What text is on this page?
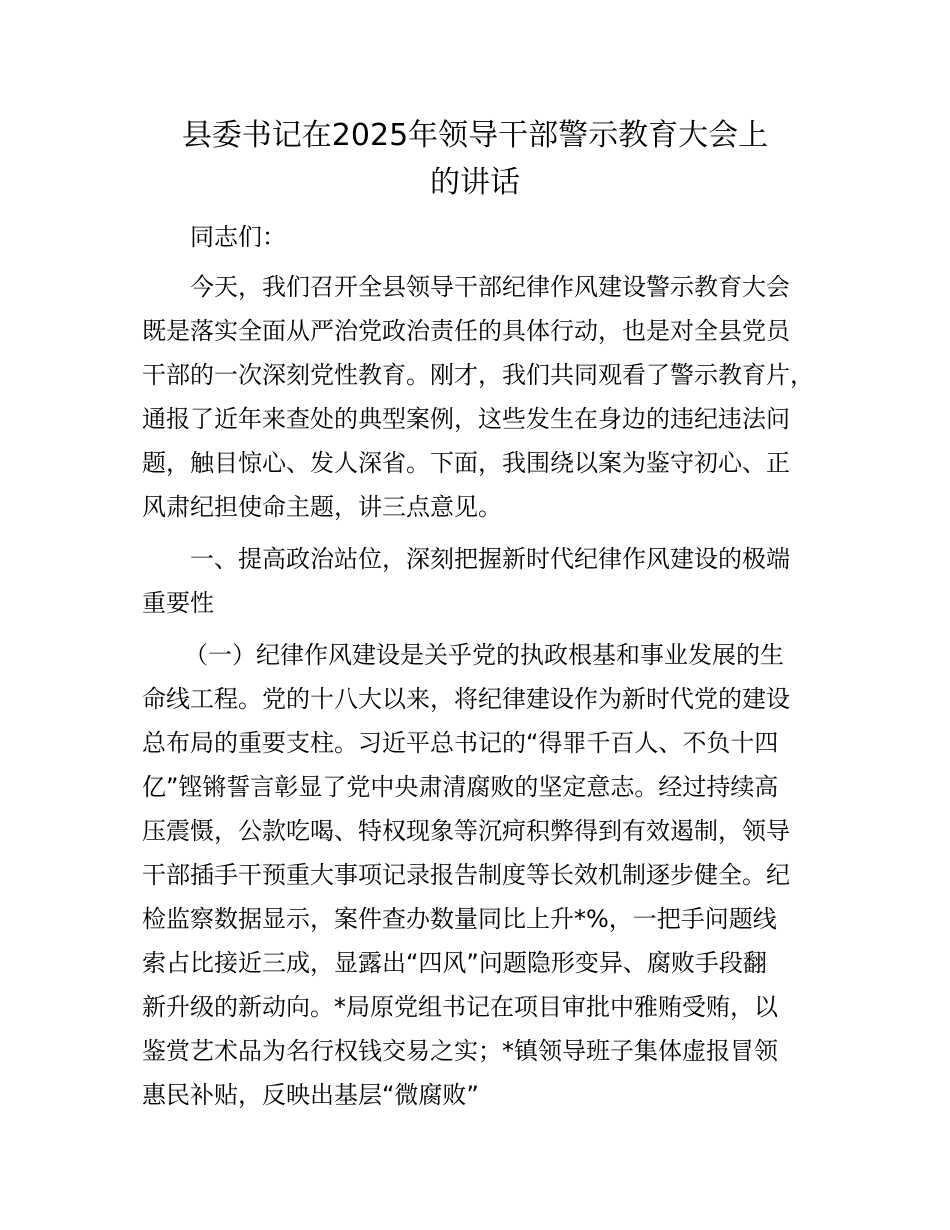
县委书记在2025年领导干部警示教育大会上
的讲话

同志们：

今天，我们召开全县领导干部纪律作风建设警示教育大会

既是落实全面从严治党政治责任的具体行动，也是对全县党员

干部的一次深刻党性教育。刚才，我们共同观看了警示教育片，

通报了近年来查处的典型案例，这些发生在身边的违纪违法问

题，触目惊心、发人深省。下面，我围绕以案为鉴守初心、正

风肃纪担使命主题，讲三点意见。

一、提高政治站位，深刻把握新时代纪律作风建设的极端

重要性

（一）纪律作风建设是关乎党的执政根基和事业发展的生

命线工程。党的十八大以来，将纪律建设作为新时代党的建设

总布局的重要支柱。习近平总书记的“得罪千百人、不负十四

亿”铿锵誓言彰显了党中央肃清腐败的坚定意志。经过持续高

压震慑，公款吃喝、特权现象等沉疴积弊得到有效遏制，领导

干部插手干预重大事项记录报告制度等长效机制逐步健全。纪

检监察数据显示，案件查办数量同比上升*%，一把手问题线

索占比接近三成，显露出“四风”问题隐形变异、腐败手段翻

新升级的新动向。*局原党组书记在项目审批中雅贿受贿，以

鉴赏艺术品为名行权钱交易之实；*镇领导班子集体虚报冒领

惠民补贴，反映出基层“微腐败”
